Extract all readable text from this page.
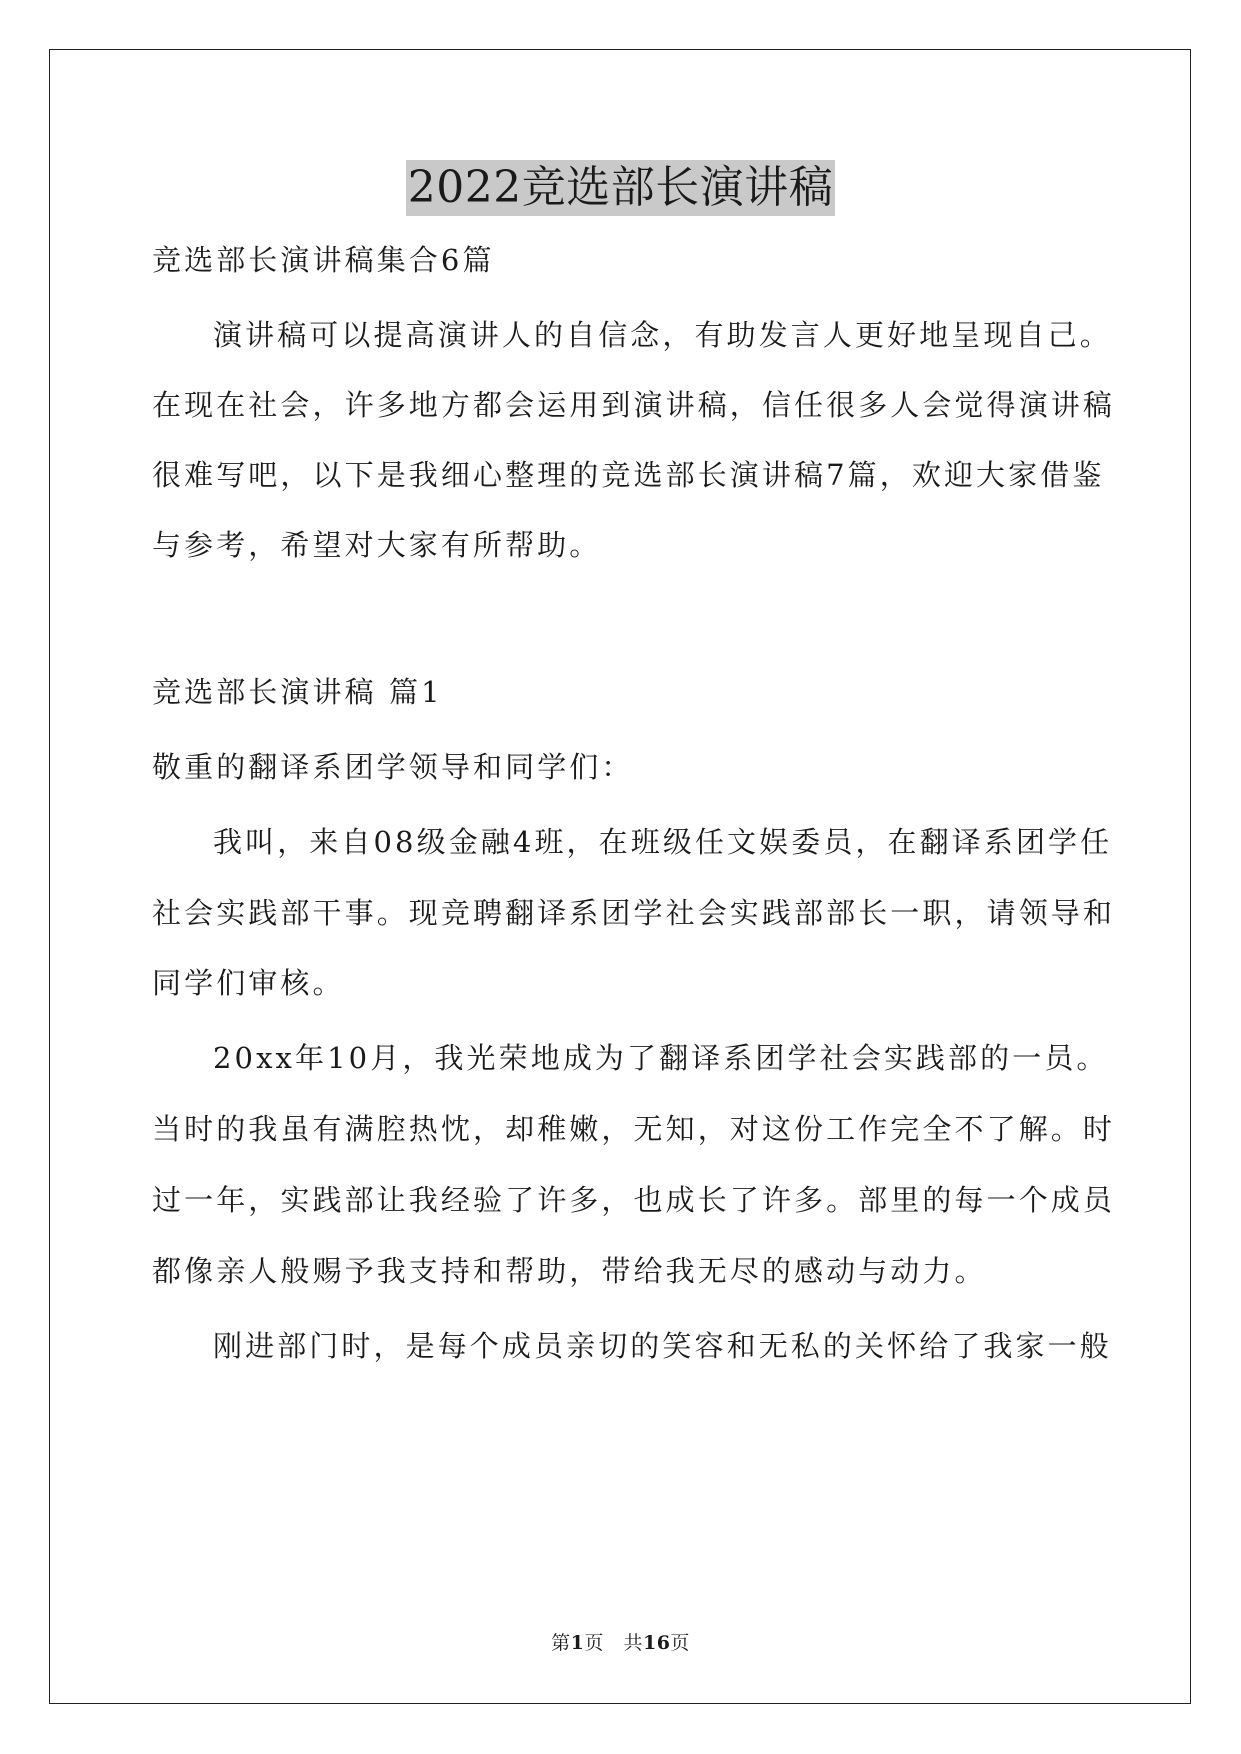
2022竞选部长演讲稿
竞选部长演讲稿集合6篇
演讲稿可以提高演讲人的自信念，有助发言人更好地呈现自己。
在现在社会，许多地方都会运用到演讲稿，信任很多人会觉得演讲稿
很难写吧，以下是我细心整理的竞选部长演讲稿7篇，欢迎大家借鉴
与参考，希望对大家有所帮助。
竞选部长演讲稿 篇1
敬重的翻译系团学领导和同学们：
我叫，来自08级金融4班，在班级任文娱委员，在翻译系团学任
社会实践部干事。现竞聘翻译系团学社会实践部部长一职，请领导和
同学们审核。
20xx年10月，我光荣地成为了翻译系团学社会实践部的一员。
当时的我虽有满腔热忱，却稚嫩，无知，对这份工作完全不了解。时
过一年，实践部让我经验了许多，也成长了许多。部里的每一个成员
都像亲人般赐予我支持和帮助，带给我无尽的感动与动力。
刚进部门时，是每个成员亲切的笑容和无私的关怀给了我家一般
第1页 共16页
